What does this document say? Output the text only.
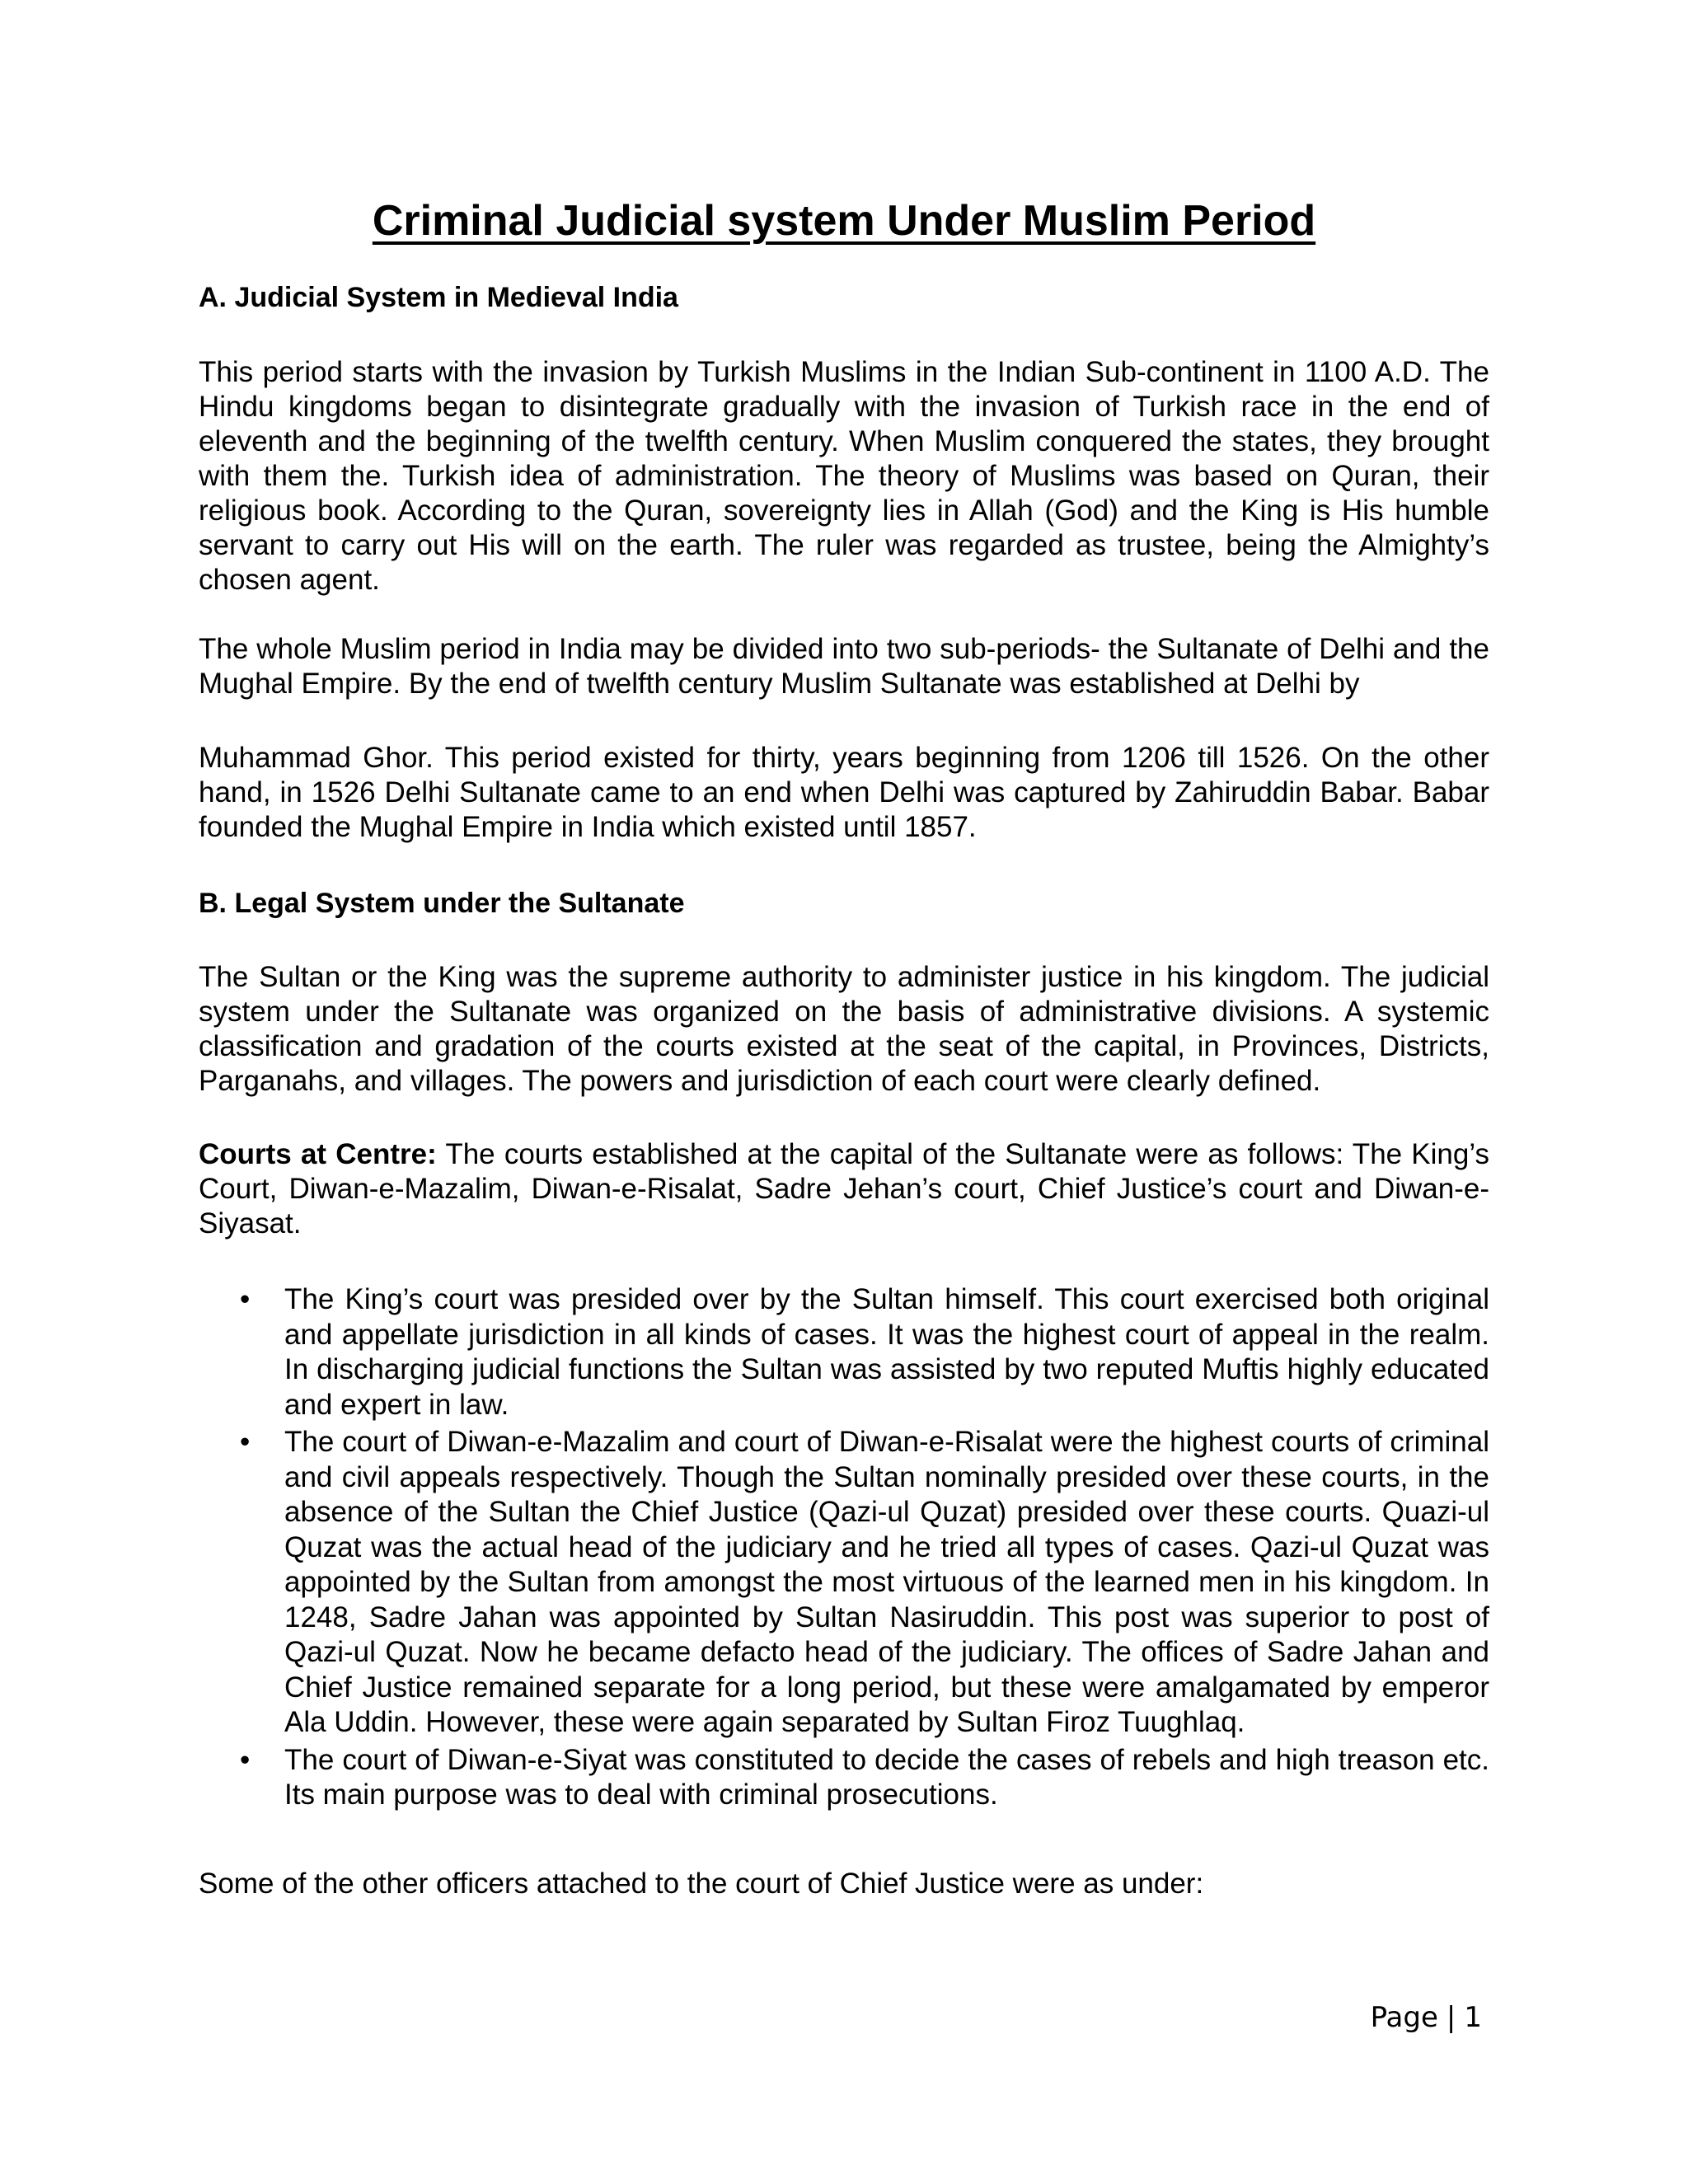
Criminal Judicial system Under Muslim Period
A. Judicial System in Medieval India

This period starts with the invasion by Turkish Muslims in the Indian Sub-continent in 1100 A.D. The Hindu kingdoms began to disintegrate gradually with the invasion of Turkish race in the end of eleventh and the beginning of the twelfth century. When Muslim conquered the states, they brought with them the. Turkish idea of administration. The theory of Muslims was based on Quran, their religious book. According to the Quran, sovereignty lies in Allah (God) and the King is His humble servant to carry out His will on the earth. The ruler was regarded as trustee, being the Almighty’s chosen agent.

The whole Muslim period in India may be divided into two sub-periods- the Sultanate of Delhi and the Mughal Empire. By the end of twelfth century Muslim Sultanate was established at Delhi by

Muhammad Ghor. This period existed for thirty, years beginning from 1206 till 1526. On the other hand, in 1526 Delhi Sultanate came to an end when Delhi was captured by Zahiruddin Babar. Babar founded the Mughal Empire in India which existed until 1857.

B. Legal System under the Sultanate

The Sultan or the King was the supreme authority to administer justice in his kingdom. The judicial system under the Sultanate was organized on the basis of administrative divisions. A systemic classification and gradation of the courts existed at the seat of the capital, in Provinces, Districts, Parganahs, and villages. The powers and jurisdiction of each court were clearly defined.

Courts at Centre: The courts established at the capital of the Sultanate were as follows: The King’s Court, Diwan-e-Mazalim, Diwan-e-Risalat, Sadre Jehan’s court, Chief Justice’s court and Diwan-e-Siyasat.

• The King’s court was presided over by the Sultan himself. This court exercised both original and appellate jurisdiction in all kinds of cases. It was the highest court of appeal in the realm. In discharging judicial functions the Sultan was assisted by two reputed Muftis highly educated and expert in law.
• The court of Diwan-e-Mazalim and court of Diwan-e-Risalat were the highest courts of criminal and civil appeals respectively. Though the Sultan nominally presided over these courts, in the absence of the Sultan the Chief Justice (Qazi-ul Quzat) presided over these courts. Quazi-ul Quzat was the actual head of the judiciary and he tried all types of cases. Qazi-ul Quzat was appointed by the Sultan from amongst the most virtuous of the learned men in his kingdom. In 1248, Sadre Jahan was appointed by Sultan Nasiruddin. This post was superior to post of Qazi-ul Quzat. Now he became defacto head of the judiciary. The offices of Sadre Jahan and Chief Justice remained separate for a long period, but these were amalgamated by emperor Ala Uddin. However, these were again separated by Sultan Firoz Tuughlaq.
• The court of Diwan-e-Siyat was constituted to decide the cases of rebels and high treason etc. Its main purpose was to deal with criminal prosecutions.

Some of the other officers attached to the court of Chief Justice were as under:

Page | 1
